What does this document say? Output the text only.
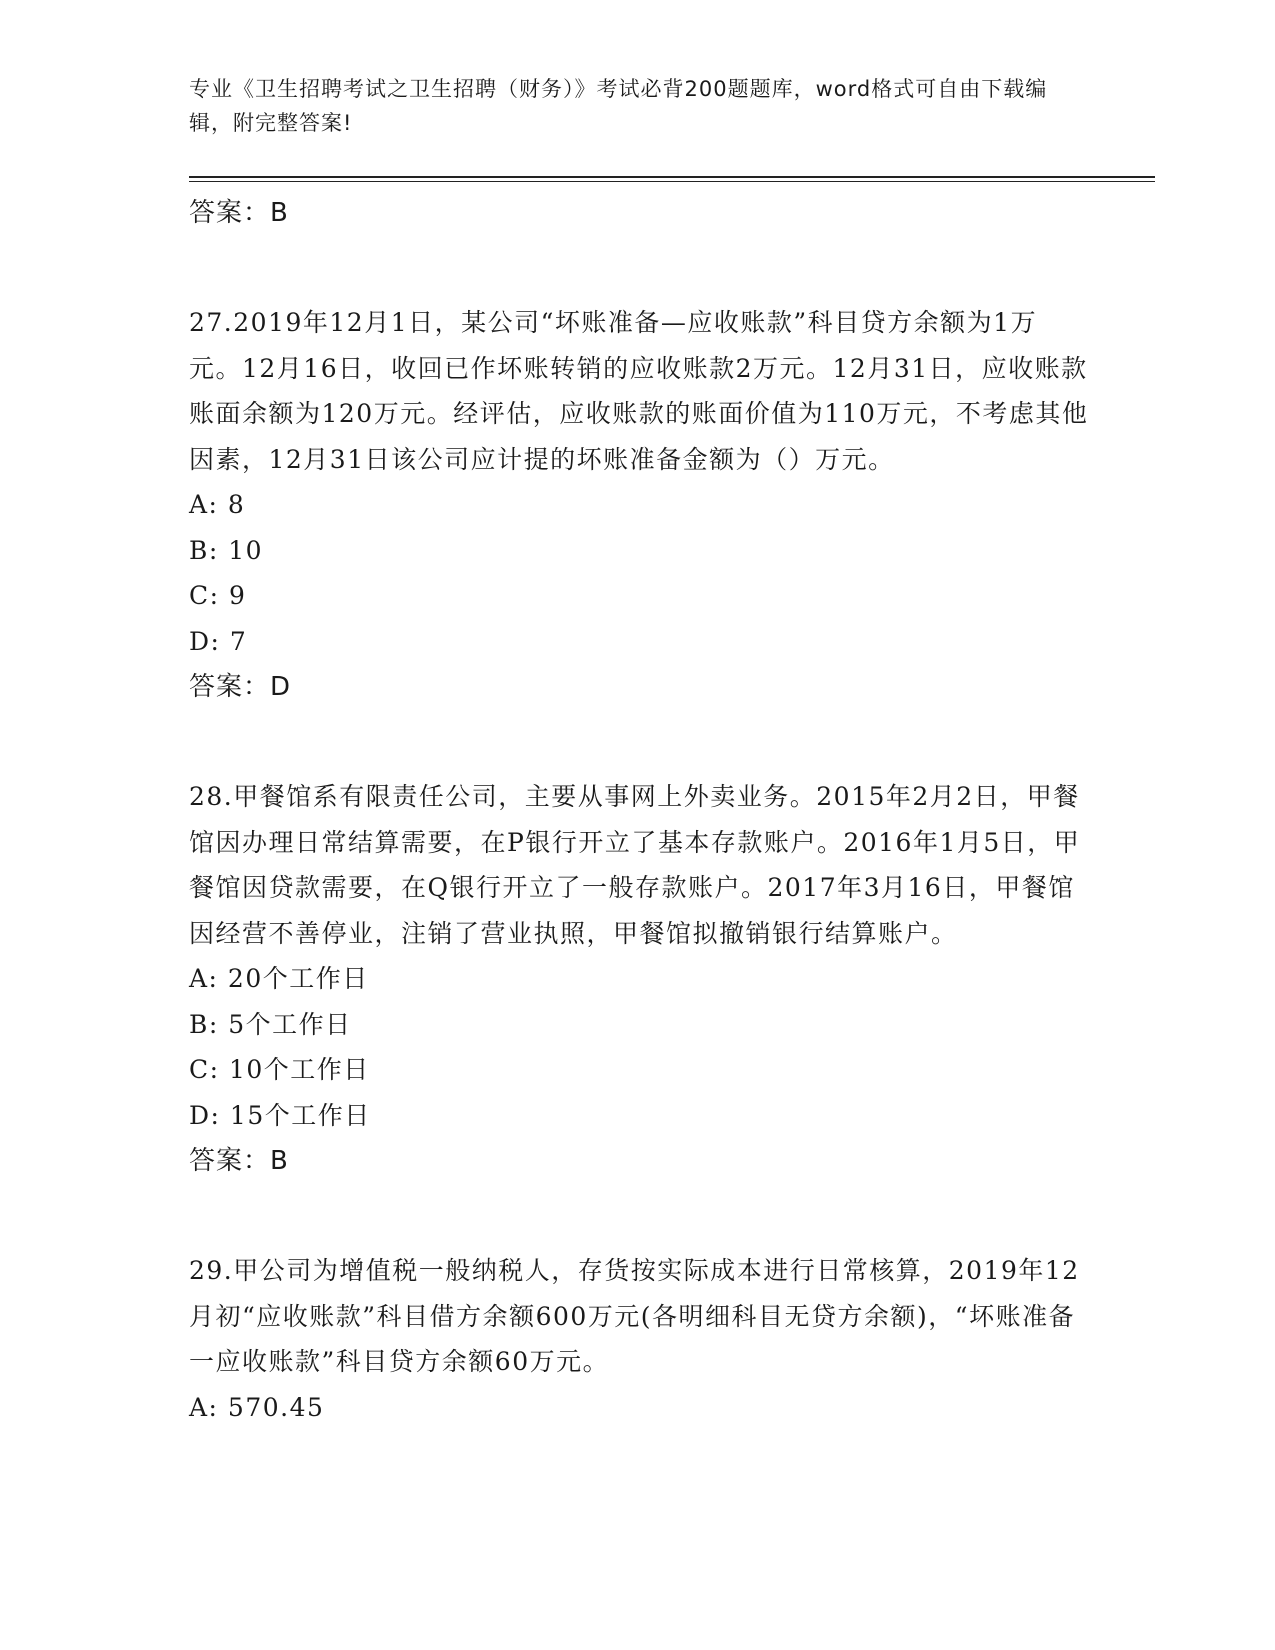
专业《卫生招聘考试之卫生招聘（财务）》考试必背200题题库，word格式可自由下载编辑，附完整答案!
答案：B
27.2019年12月1日，某公司“坏账准备—应收账款”科目贷方余额为1万元。12月16日，收回已作坏账转销的应收账款2万元。12月31日，应收账款账面余额为120万元。经评估，应收账款的账面价值为110万元，不考虑其他因素，12月31日该公司应计提的坏账准备金额为（）万元。
A: 8
B: 10
C: 9
D: 7
答案：D
28.甲餐馆系有限责任公司，主要从事网上外卖业务。2015年2月2日，甲餐馆因办理日常结算需要，在P银行开立了基本存款账户。2016年1月5日，甲餐馆因贷款需要，在Q银行开立了一般存款账户。2017年3月16日，甲餐馆因经营不善停业，注销了营业执照，甲餐馆拟撤销银行结算账户。
A: 20个工作日
B: 5个工作日
C: 10个工作日
D: 15个工作日
答案：B
29.甲公司为增值税一般纳税人，存货按实际成本进行日常核算，2019年12月初“应收账款”科目借方余额600万元(各明细科目无贷方余额)，“坏账准备一应收账款”科目贷方余额60万元。
A: 570.45
